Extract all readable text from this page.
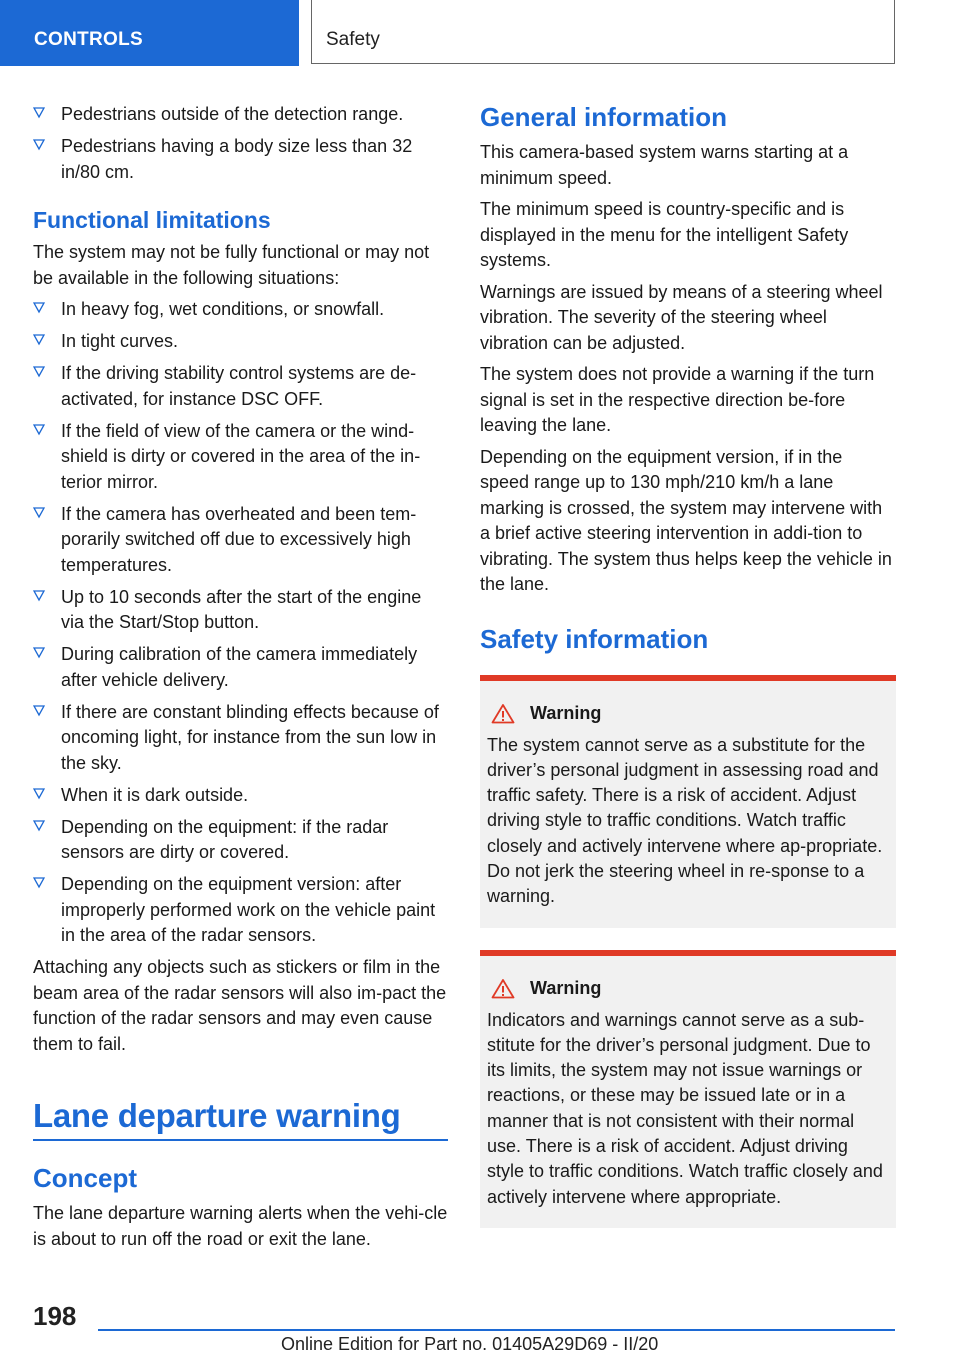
CONTROLS	Safety
Pedestrians outside of the detection range.
Pedestrians having a body size less than 32 in/80 cm.
Functional limitations
The system may not be fully functional or may not be available in the following situations:
In heavy fog, wet conditions, or snowfall.
In tight curves.
If the driving stability control systems are de‐activated, for instance DSC OFF.
If the field of view of the camera or the wind‐shield is dirty or covered in the area of the in‐terior mirror.
If the camera has overheated and been tem‐porarily switched off due to excessively high temperatures.
Up to 10 seconds after the start of the engine via the Start/Stop button.
During calibration of the camera immediately after vehicle delivery.
If there are constant blinding effects because of oncoming light, for instance from the sun low in the sky.
When it is dark outside.
Depending on the equipment: if the radar sensors are dirty or covered.
Depending on the equipment version: after improperly performed work on the vehicle paint in the area of the radar sensors.
Attaching any objects such as stickers or film in the beam area of the radar sensors will also im‐pact the function of the radar sensors and may even cause them to fail.
Lane departure warning
Concept
The lane departure warning alerts when the vehi‐cle is about to run off the road or exit the lane.
General information
This camera-based system warns starting at a minimum speed.
The minimum speed is country-specific and is displayed in the menu for the intelligent Safety systems.
Warnings are issued by means of a steering wheel vibration. The severity of the steering wheel vibration can be adjusted.
The system does not provide a warning if the turn signal is set in the respective direction be‐fore leaving the lane.
Depending on the equipment version, if in the speed range up to 130 mph/210 km/h a lane marking is crossed, the system may intervene with a brief active steering intervention in addi‐tion to vibrating. The system thus helps keep the vehicle in the lane.
Safety information
Warning
The system cannot serve as a substitute for the driver’s personal judgment in assessing road and traffic safety. There is a risk of accident. Adjust driving style to traffic conditions. Watch traffic closely and actively intervene where ap‐propriate. Do not jerk the steering wheel in re‐sponse to a warning.
Warning
Indicators and warnings cannot serve as a sub‐stitute for the driver’s personal judgment. Due to its limits, the system may not issue warnings or reactions, or these may be issued late or in a manner that is not consistent with their normal use. There is a risk of accident. Adjust driving style to traffic conditions. Watch traffic closely and actively intervene where appropriate.
198
Online Edition for Part no. 01405A29D69 - II/20
